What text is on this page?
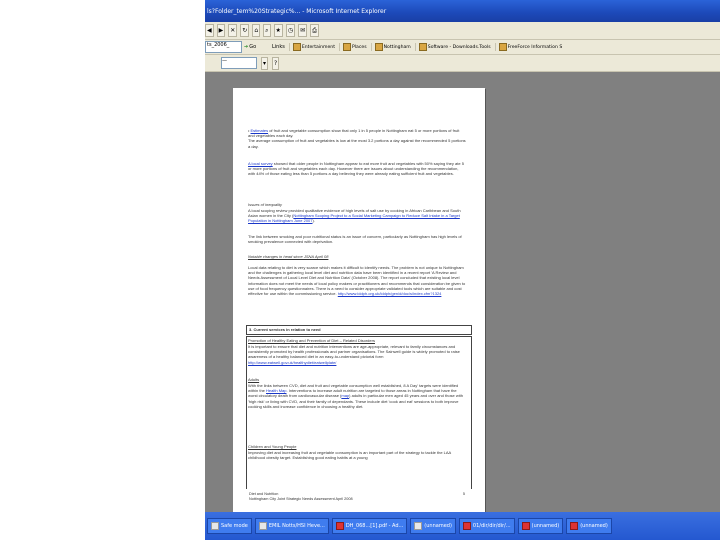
ls?Folder_tem%20Strategic%... - Microsoft Internet Explorer
◀	▶	✕	↻	⌂	⌕	★	◷	✉	⎙
ts_2006_	➔ Go	Links	Entertainment	Places	Nottingham	Software - Downloads.Tools	FreeForce Information S
—	▾	?

• Estimates of fruit and vegetable consumption show that only 1 in 5 people in Nottingham eat 5 or more portions of fruit and vegetables each day.
The average consumption of fruit and vegetables is low at the most 3.2 portions a day against the recommended 5 portions a day.

A local survey showed that older people in Nottingham appear to eat more fruit and vegetables with 50% saying they ate 5 or more portions of fruit and vegetables each day. However there are issues about understanding the recommendation, with 44% of those eating less than 5 portions a day believing they were already eating sufficient fruit and vegetables.

Issues of inequality

A local scoping review provided qualitative evidence of high levels of salt use by cooking in African Caribbean and South Asian women in the City (Nottingham Scoping Project to a Social Marketing Campaign to Reduce Salt Intake in a Target Population in Nottingham June 2007).

The link between smoking and poor nutritional status is an issue of concern, particularly as Nottingham has high levels of smoking prevalence connected with deprivation.

Notable changes in head since JSNA April 08

Local data relating to diet is very scarce which makes it difficult to identify needs. The problem is not unique to Nottingham and the challenges in gathering local level diet and nutrition data have been identified in a recent report 'A Review and Needs Assessment of Local Level Diet and Nutrition Data' (October 2008). The report concluded that existing local level information does not meet the needs of local policy makers or practitioners and recommends that consideration be given to use of food frequency questionnaires. There is a need to consider appropriate validated tools which are suitable and cost effective for use within the commissioning service. http://www.iddph.org.uk/iddph/gen/d/doc/s/index.cfm?1324

3. Current services in relation to need

Promotion of Healthy Eating and Prevention of Diet – Related Disorders

It is important to ensure that diet and nutrition interventions are age-appropriate, relevant to family circumstances and consistently promoted by health professionals and partner organisations. The Sainwell guide is widely promoted to raise awareness of a healthy balanced diet in an easy-to-understand pictorial form http://www.eatwell.gov.uk/healthydiet/eatwellplate/

Adults

With the links between CVD, diet and fruit and vegetable consumption well established, 8 A Day' targets were identified within the Health Map. Interventions to increase adult nutrition are targeted to those areas in Nottingham that have the worst circulatory death from cardiovascular disease (map) adults in particular men aged 45 years and over and those with 'high risk' or living with CVD, and their family of dependants. These include diet 'cook and eat' sessions to both improve cooking skills and increase confidence in choosing a healthy diet.

Children and Young People

Improving diet and increasing fruit and vegetable consumption is an important part of the strategy to tackle the LAA childhood obesity target. Establishing good eating habits at a young

Diet and Nutrition
Nottingham City Joint Strategic Needs Assessment April 2008
5
Safe mode	EMIL Notts/HSI Heve...	DH_068...[1].pdf - Ad...	(unnamed)	01/dir/dir/dir/...	(unnamed)	(unnamed)
